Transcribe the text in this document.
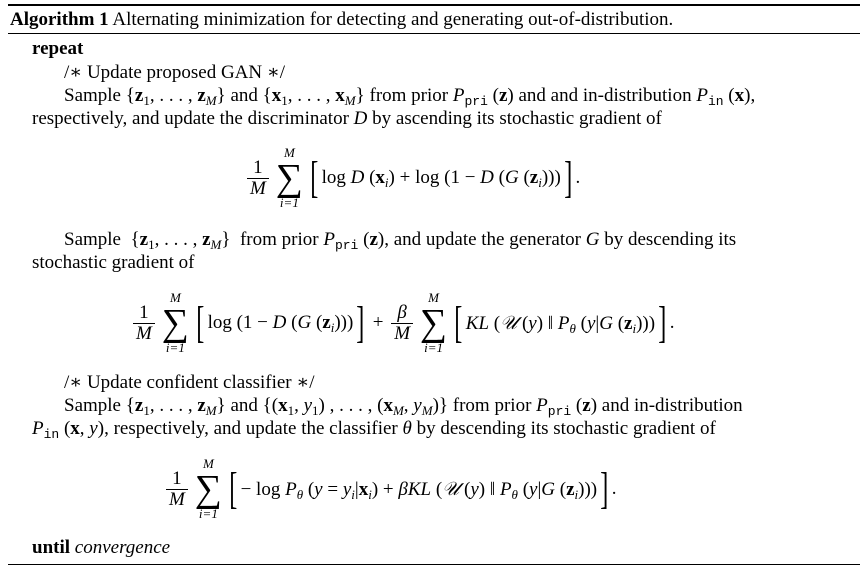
Algorithm 1 Alternating minimization for detecting and generating out-of-distribution.
repeat
/∗ Update proposed GAN ∗/
Sample {$z_1$, . . . , $z_M$} and {$x_1$, . . . , $x_M$} from prior $P_{pri}$ (z) and and in-distribution $P_{in}$ (x),
respectively, and update the discriminator D by ascending its stochastic gradient of
$\frac{1}{M}$
M
∑
i=1
[ log D $(x_i) + \log (1 - D$ (G $(z_i)$)) ] .
Sample  {$z_1$, . . . , $z_M$}  from prior $P_{pri}$ (z), and update the generator G by descending its
stochastic gradient of
$\frac{1}{M}$
M
∑
i=1
[ log (1 − D (G $(z_i)$)) ] + $\frac{\beta}{M}$
M
∑
i=1
[ KL (𝒰 (y) ‖ $P_\theta$ (y|G $(z_i)$)) ] .
/∗ Update confident classifier ∗/
Sample {$z_1$, . . . , $z_M$} and {($x_1$, $y_1$) , . . . , ($x_M$, $y_M$)} from prior $P_{pri}$ (z) and in-distribution
$P_{in}$ (x, y), respectively, and update the classifier θ by descending its stochastic gradient of
$\frac{1}{M}$
M
∑
i=1
[ − $\log P_\theta$ $(y = y_i|x_i) + \beta KL$ (𝒰 (y) ‖ $P_\theta$ (y|G $(z_i)$)) ] .
until convergence
